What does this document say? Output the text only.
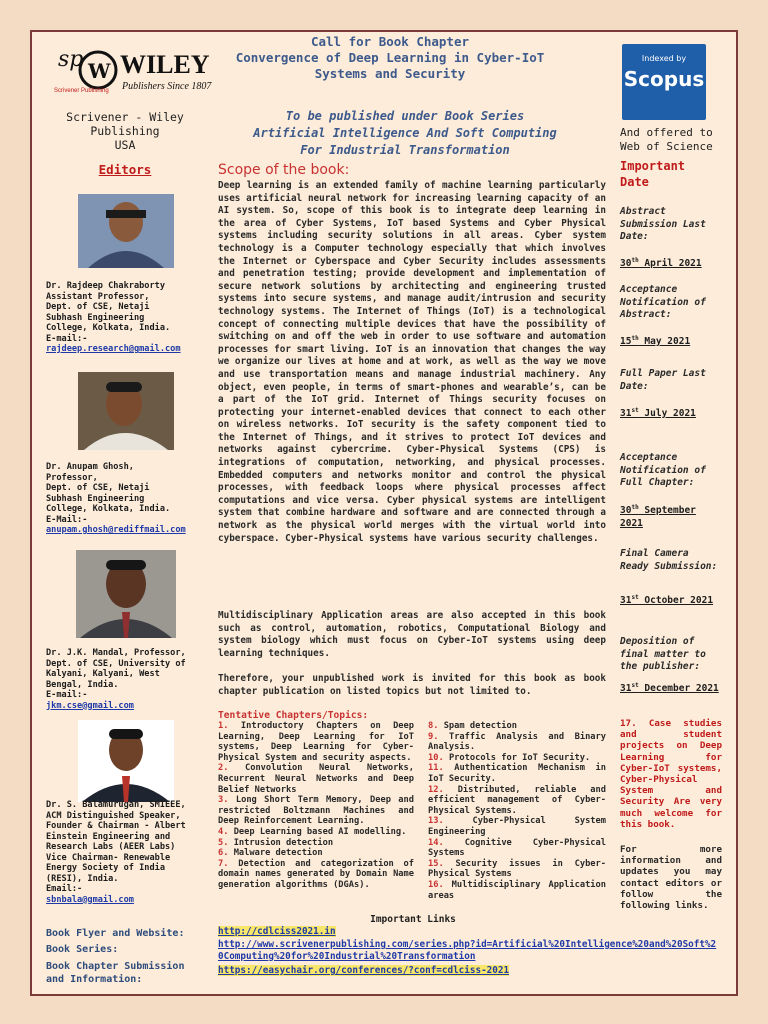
sp W WILEY
Publishers Since 1807
Scrivener Publishing
Call for Book Chapter
Convergence of Deep Learning in Cyber-IoT
Systems and Security
To be published under Book Series
Artificial Intelligence And Soft Computing
For Industrial Transformation
Indexed by
Scopus
And offered to
Web of Science
Scrivener - Wiley
Publishing
USA
Editors
Dr. Rajdeep Chakraborty
Assistant Professor,
Dept. of CSE, Netaji
Subhash Engineering
College, Kolkata, India.
E-mail:-
rajdeep.research@gmail.com
Dr. Anupam Ghosh,
Professor,
Dept. of CSE, Netaji
Subhash Engineering
College, Kolkata, India.
E-Mail:-
anupam.ghosh@rediffmail.com
Dr. J.K. Mandal, Professor,
Dept. of CSE, University of
Kalyani, Kalyani, West
Bengal, India.
E-mail:-
jkm.cse@gmail.com
Dr. S. Balamurugan, SMIEEE,
ACM Distinguished Speaker,
Founder & Chairman - Albert
Einstein Engineering and
Research Labs (AEER Labs)
Vice Chairman- Renewable
Energy Society of India
(RESI), India.
Email:-
sbnbala@gmail.com
Scope of the book:
Deep learning is an extended family of machine learning particularly uses artificial neural network for increasing learning capacity of an AI system. So, scope of this book is to integrate deep learning in the area of Cyber Systems, IoT based Systems and Cyber Physical systems including security solutions in all areas. Cyber system technology is a Computer technology especially that which involves the Internet or Cyberspace and Cyber Security includes assessments and penetration testing; provide development and implementation of secure network solutions by architecting and engineering trusted systems into secure systems, and manage audit/intrusion and security technology systems. The Internet of Things (IoT) is a technological concept of connecting multiple devices that have the possibility of switching on and off the web in order to use software and automation processes for smart living. IoT is an innovation that changes the way we organize our lives at home and at work, as well as the way we move and use transportation means and manage industrial machinery. Any object, even people, in terms of smart-phones and wearable’s, can be a part of the IoT grid. Internet of Things security focuses on protecting your internet-enabled devices that connect to each other on wireless networks. IoT security is the safety component tied to the Internet of Things, and it strives to protect IoT devices and networks against cybercrime. Cyber-Physical Systems (CPS) is integrations of computation, networking, and physical processes. Embedded computers and networks monitor and control the physical processes, with feedback loops where physical processes affect computations and vice versa. Cyber physical systems are intelligent system that combine hardware and software and are connected through a network as the physical world merges with the virtual world into cyberspace. Cyber-Physical systems have various security challenges.
Multidisciplinary Application areas are also accepted in this book such as control, automation, robotics, Computational Biology and system biology which must focus on Cyber-IoT systems using deep learning techniques.
Therefore, your unpublished work is invited for this book as book chapter publication on listed topics but not limited to.
Tentative Chapters/Topics:
1. Introductory Chapters on Deep Learning, Deep Learning for IoT systems, Deep Learning for Cyber-Physical System and security aspects.
2. Convolution Neural Networks, Recurrent Neural Networks and Deep Belief Networks
3. Long Short Term Memory, Deep and restricted Boltzmann Machines and Deep Reinforcement Learning.
4. Deep Learning based AI modelling.
5. Intrusion detection
6. Malware detection
7. Detection and categorization of domain names generated by Domain Name generation algorithms (DGAs).
8. Spam detection
9. Traffic Analysis and Binary Analysis.
10. Protocols for IoT Security.
11. Authentication Mechanism in IoT Security.
12. Distributed, reliable and efficient management of Cyber-Physical Systems.
13.	Cyber-Physical System Engineering
14. Cognitive Cyber-Physical Systems
15. Security issues in Cyber-Physical Systems
16. Multidisciplinary Application areas
Important Date
Abstract Submission Last Date:
30th April 2021
Acceptance Notification of Abstract:
15th May 2021
Full Paper Last Date:
31st July 2021
Acceptance Notification of Full Chapter:
30th September 2021
Final Camera Ready Submission:
31st October 2021
Deposition of final matter to the publisher:
31st December 2021
17. Case studies and student projects on Deep Learning for Cyber-IoT systems, Cyber-Physical System and Security Are very much welcome for this book.
For more information and updates you may contact editors or follow the following links.
Important Links
Book Flyer and Website:
Book Series:
Book Chapter Submission and Information:
http://cdlciss2021.in
http://www.scrivenerpublishing.com/series.php?id=Artificial%20Intelligence%20and%20Soft%20Computing%20for%20Industrial%20Transformation
https://easychair.org/conferences/?conf=cdlciss-2021
